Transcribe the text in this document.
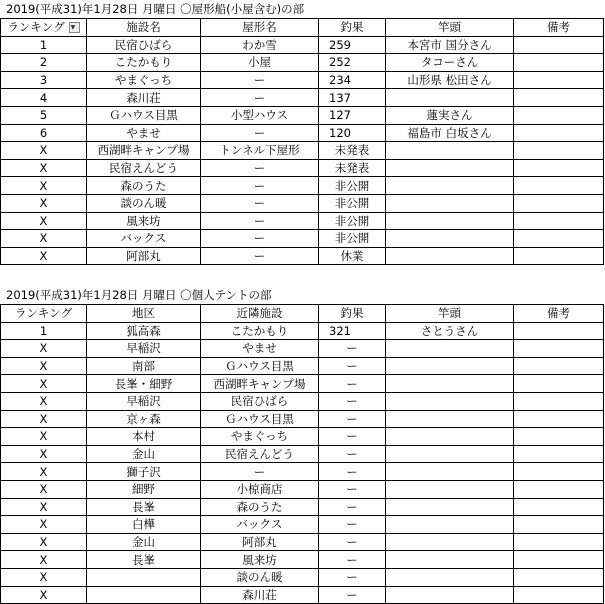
2019(平成31)年1月28日 月曜日 〇屋形船(小屋含む)の部
ランキング▼	施設名	屋形名	釣果	竿頭	備考
1	民宿ひばら	わか雪	259	本宮市 国分さん	
2	こたかもり	小屋	252	タコーさん	
3	やまぐっち	ー	234	山形県 松田さん	
4	森川荘	ー	137		
5	Ｇハウス目黒	小型ハウス	127	蓮実さん	
6	やませ	ー	120	福島市 白坂さん	
X	西湖畔キャンプ場	トンネル下屋形	未発表		
X	民宿えんどう	ー	未発表		
X	森のうた	ー	非公開		
X	談のん暖	ー	非公開		
X	風来坊	ー	非公開		
X	バックス	ー	非公開		
X	阿部丸	ー	休業		
2019(平成31)年1月28日 月曜日 〇個人テントの部
ランキング	地区	近隣施設	釣果	竿頭	備考
1	狐高森	こたかもり	321	さとうさん	
X	早稲沢	やませ	ー		
X	南部	Ｇハウス目黒	ー		
X	長峯・細野	西湖畔キャンプ場	ー		
X	早稲沢	民宿ひばら	ー		
X	京ヶ森	Ｇハウス目黒	ー		
X	本村	やまぐっち	ー		
X	金山	民宿えんどう	ー		
X	獅子沢	ー	ー		
X	細野	小椋商店	ー		
X	長峯	森のうた	ー		
X	白樺	バックス	ー		
X	金山	阿部丸	ー		
X	長峯	風来坊	ー		
X		談のん暖	ー		
X		森川荘	ー		
